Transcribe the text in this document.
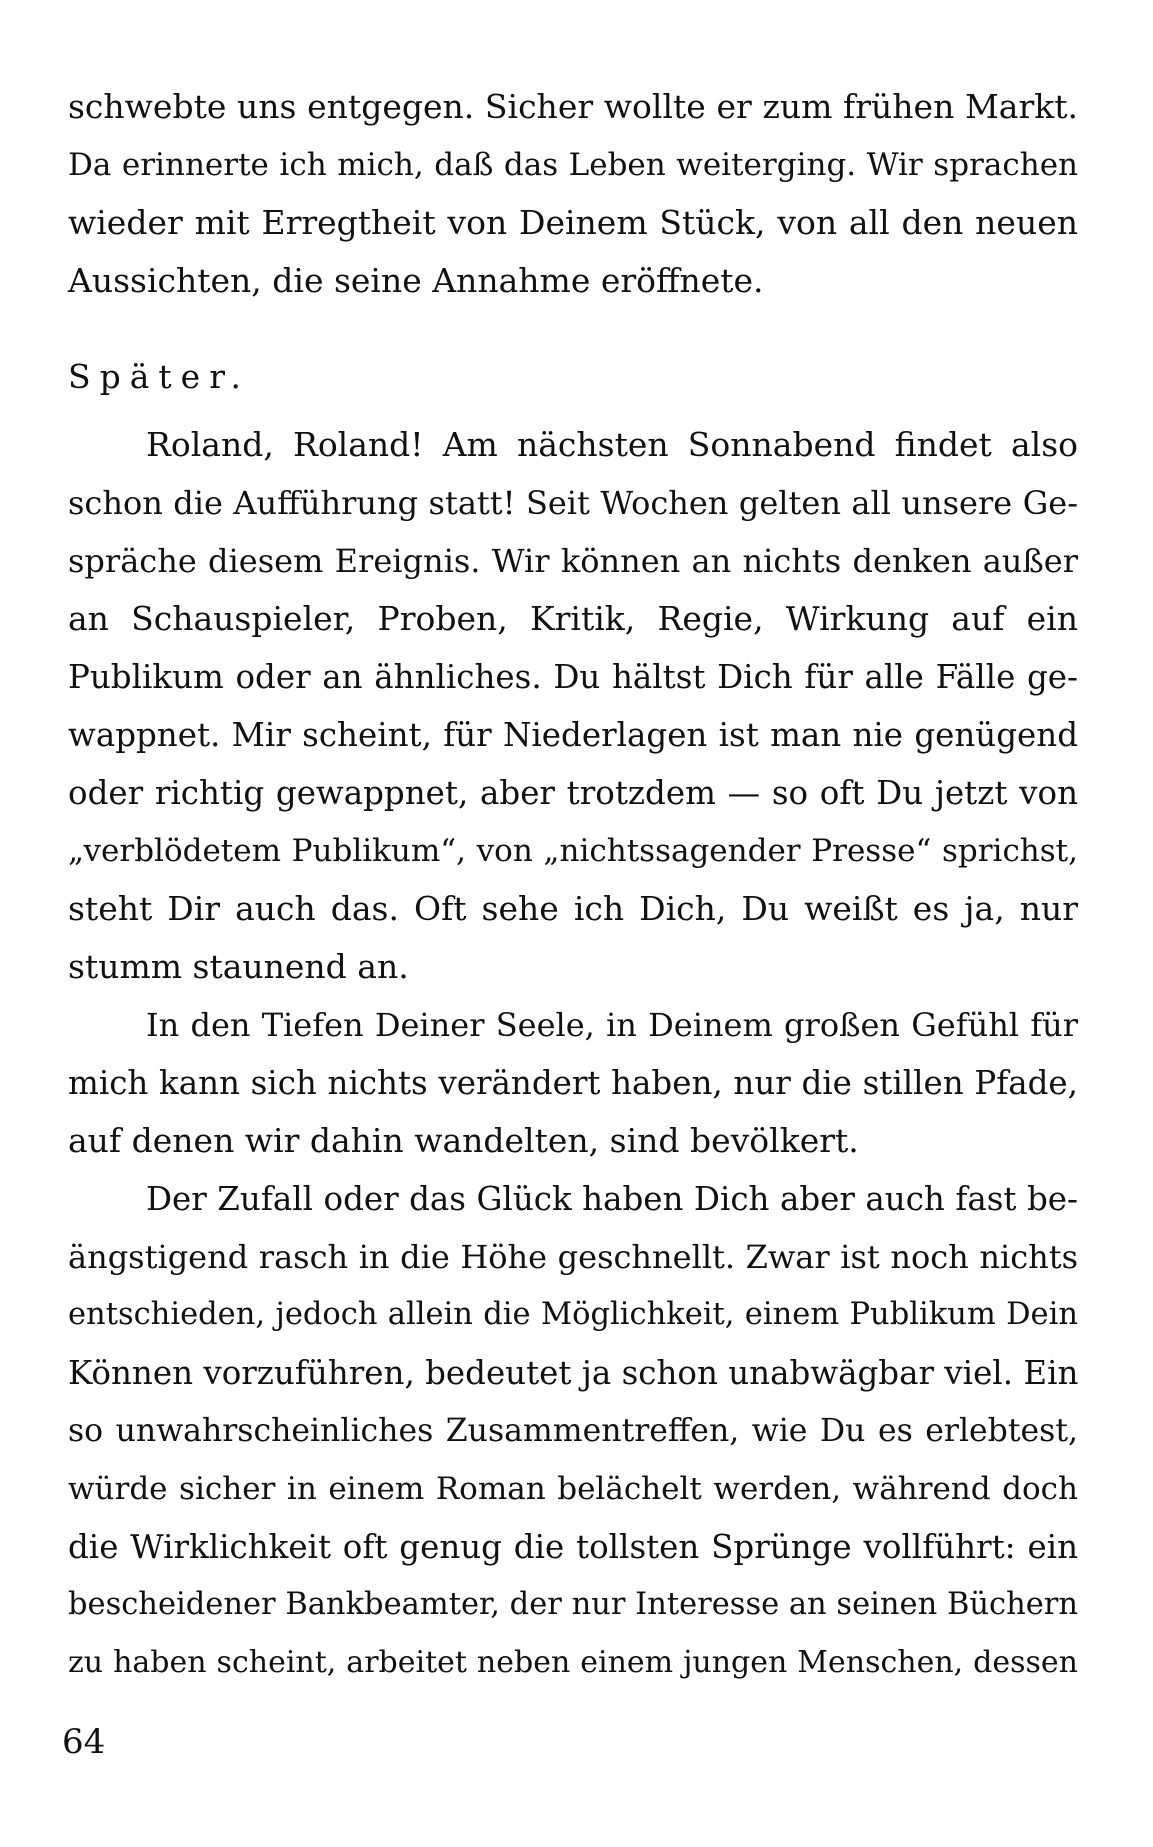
schwebte uns entgegen. Sicher wollte er zum frühen Markt.
Da erinnerte ich mich, daß das Leben weiterging. Wir sprachen
wieder mit Erregtheit von Deinem Stück, von all den neuen
Aussichten, die seine Annahme eröffnete.
Später.
Roland, Roland! Am nächsten Sonnabend findet also
schon die Aufführung statt! Seit Wochen gelten all unsere Ge-
spräche diesem Ereignis. Wir können an nichts denken außer
an Schauspieler, Proben, Kritik, Regie, Wirkung auf ein
Publikum oder an ähnliches. Du hältst Dich für alle Fälle ge-
wappnet. Mir scheint, für Niederlagen ist man nie genügend
oder richtig gewappnet, aber trotzdem — so oft Du jetzt von
„verblödetem Publikum“, von „nichtssagender Presse“ sprichst,
steht Dir auch das. Oft sehe ich Dich, Du weißt es ja, nur
stumm staunend an.
In den Tiefen Deiner Seele, in Deinem großen Gefühl für
mich kann sich nichts verändert haben, nur die stillen Pfade,
auf denen wir dahin wandelten, sind bevölkert.
Der Zufall oder das Glück haben Dich aber auch fast be-
ängstigend rasch in die Höhe geschnellt. Zwar ist noch nichts
entschieden, jedoch allein die Möglichkeit, einem Publikum Dein
Können vorzuführen, bedeutet ja schon unabwägbar viel. Ein
so unwahrscheinliches Zusammentreffen, wie Du es erlebtest,
würde sicher in einem Roman belächelt werden, während doch
die Wirklichkeit oft genug die tollsten Sprünge vollführt: ein
bescheidener Bankbeamter, der nur Interesse an seinen Büchern
zu haben scheint, arbeitet neben einem jungen Menschen, dessen
64
